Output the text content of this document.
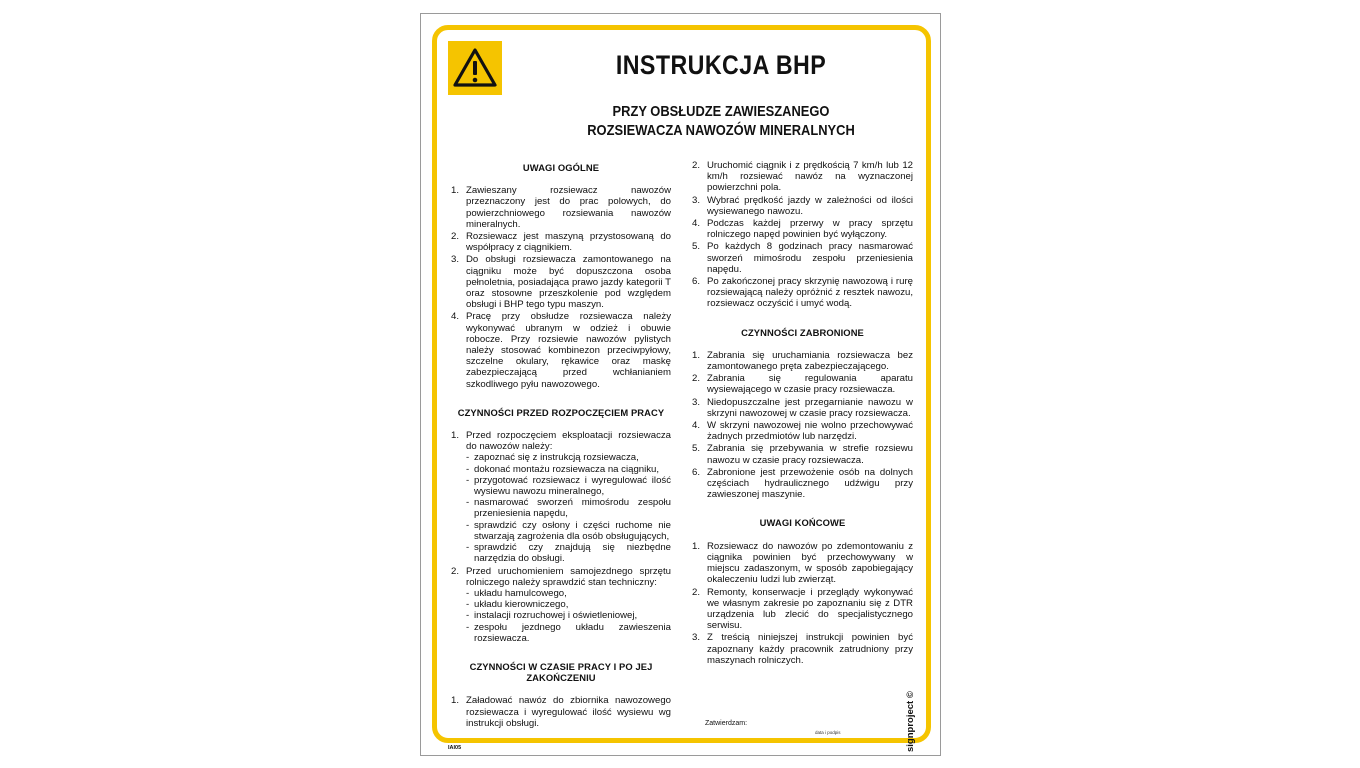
INSTRUKCJA BHP
PRZY OBSŁUDZE ZAWIESZANEGO
ROZSIEWACZA NAWOZÓW MINERALNYCH
UWAGI OGÓLNE
1. Zawieszany rozsiewacz nawozów przeznaczony jest do prac polowych, do powierzchniowego rozsiewania nawozów mineralnych.
2. Rozsiewacz jest maszyną przystosowaną do współpracy z ciągnikiem.
3. Do obsługi rozsiewacza zamontowanego na ciągniku może być dopuszczona osoba pełnoletnia, posiadająca prawo jazdy kategorii T oraz stosowne przeszkolenie pod względem obsługi i BHP tego typu maszyn.
4. Pracę przy obsłudze rozsiewacza należy wykonywać ubranym w odzież i obuwie robocze. Przy rozsiewie nawozów pylistych należy stosować kombinezon przeciwpyłowy, szczelne okulary, rękawice oraz maskę zabezpieczającą przed wchłanianiem szkodliwego pyłu nawozowego.
CZYNNOŚCI PRZED ROZPOCZĘCIEM PRACY
1. Przed rozpoczęciem eksploatacji rozsiewacza do nawozów należy:
- zapoznać się z instrukcją rozsiewacza,
- dokonać montażu rozsiewacza na ciągniku,
- przygotować rozsiewacz i wyregulować ilość wysiewu nawozu mineralnego,
- nasmarować sworzeń mimośrodu zespołu przeniesienia napędu,
- sprawdzić czy osłony i części ruchome nie stwarzają zagrożenia dla osób obsługujących,
- sprawdzić czy znajdują się niezbędne narzędzia do obsługi.
2. Przed uruchomieniem samojezdnego sprzętu rolniczego należy sprawdzić stan techniczny:
- układu hamulcowego,
- układu kierowniczego,
- instalacji rozruchowej i oświetleniowej,
- zespołu jezdnego układu zawieszenia rozsiewacza.
CZYNNOŚCI W CZASIE PRACY I PO JEJ ZAKOŃCZENIU
1. Załadować nawóz do zbiornika nawozowego rozsiewacza i wyregulować ilość wysiewu wg instrukcji obsługi.
2. Uruchomić ciągnik i z prędkością 7 km/h lub 12 km/h rozsiewać nawóz na wyznaczonej powierzchni pola.
3. Wybrać prędkość jazdy w zależności od ilości wysiewanego nawozu.
4. Podczas każdej przerwy w pracy sprzętu rolniczego napęd powinien być wyłączony.
5. Po każdych 8 godzinach pracy nasmarować sworzeń mimośrodu zespołu przeniesienia napędu.
6. Po zakończonej pracy skrzynię nawozową i rurę rozsiewającą należy opróżnić z resztek nawozu, rozsiewacz oczyścić i umyć wodą.
CZYNNOŚCI ZABRONIONE
1. Zabrania się uruchamiania rozsiewacza bez zamontowanego pręta zabezpieczającego.
2. Zabrania się regulowania aparatu wysiewającego w czasie pracy rozsiewacza.
3. Niedopuszczalne jest przegarnianie nawozu w skrzyni nawozowej w czasie pracy rozsiewacza.
4. W skrzyni nawozowej nie wolno przechowywać żadnych przedmiotów lub narzędzi.
5. Zabrania się przebywania w strefie rozsiewu nawozu w czasie pracy rozsiewacza.
6. Zabronione jest przewożenie osób na dolnych częściach hydraulicznego udźwigu przy zawieszonej maszynie.
UWAGI KOŃCOWE
1. Rozsiewacz do nawozów po zdemontowaniu z ciągnika powinien być przechowywany w miejscu zadaszonym, w sposób zapobiegający okaleczeniu ludzi lub zwierząt.
2. Remonty, konserwacje i przeglądy wykonywać we własnym zakresie po zapoznaniu się z DTR urządzenia lub zlecić do specjalistycznego serwisu.
3. Z treścią niniejszej instrukcji powinien być zapoznany każdy pracownik zatrudniony przy maszynach rolniczych.
Zatwierdzam:
data i podpis	signproject ©
IAI05
